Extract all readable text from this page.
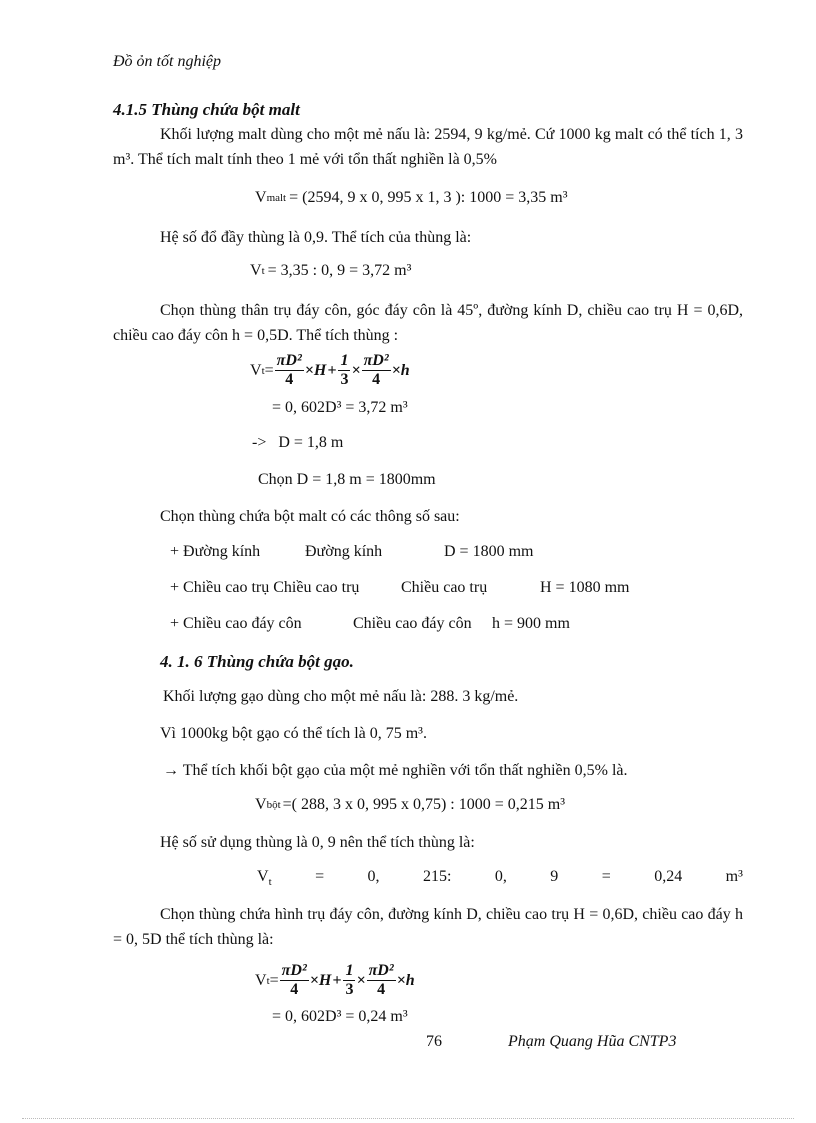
Đồ ỏn tốt nghiệp
4.1.5 Thùng chứa bột malt
Khối lượng malt dùng cho một mẻ nấu là: 2594, 9 kg/mẻ. Cứ 1000 kg malt có thể tích 1, 3 m³. Thể tích malt tính theo 1 mẻ với tổn thất nghiền là 0,5%
V malt = (2594, 9 x 0, 995 x 1, 3 ): 1000 = 3,35 m³
Hệ số đổ đầy thùng là 0,9. Thể tích của thùng là:
V t = 3,35 : 0, 9 = 3,72 m³
Chọn thùng thân trụ đáy côn, góc đáy côn là 45º, đường kính D, chiều cao trụ H = 0,6D, chiều cao đáy côn h = 0,5D. Thể tích thùng :
V $t = \frac{\text{πD²}}{4} \times H + \frac{1}{3} \times \frac{\text{πD²}}{4} \times h$
= 0, 602D³ = 3,72 m³
->   D = 1,8 m
Chọn D = 1,8 m = 1800mm
Chọn thùng chứa bột malt có các thông số sau:
+ Đường kính	Đường kính	D = 1800 mm
+ Chiều cao trụ Chiều cao trụ	Chiều cao trụ	H = 1080 mm
+ Chiều cao đáy côn	Chiều cao đáy côn h = 900 mm
4. 1. 6 Thùng chứa bột gạo.
Khối lượng gạo dùng cho một mẻ nấu là: 288. 3 kg/mẻ.
Vì 1000kg bột gạo có thể tích là 0, 75 m³.
→ Thể tích khối bột gạo của một mẻ nghiền với tổn thất nghiền 0,5% là.
V bột =( 288, 3 x 0, 995 x 0,75) : 1000 = 0,215 m³
Hệ số sử dụng thùng là 0, 9 nên thể tích thùng là:
$V_t$	=	0,	215:	0,	9	=	0,24	m³
Chọn thùng chứa hình trụ đáy côn, đường kính D, chiều cao trụ H = 0,6D, chiều cao đáy h = 0, 5D thể tích thùng là:
V $t = \frac{\text{πD²}}{4} \times H + \frac{1}{3} \times \frac{\text{πD²}}{4} \times h$
= 0, 602D³ = 0,24 m³
76	Phạm Quang Hũa CNTP3
